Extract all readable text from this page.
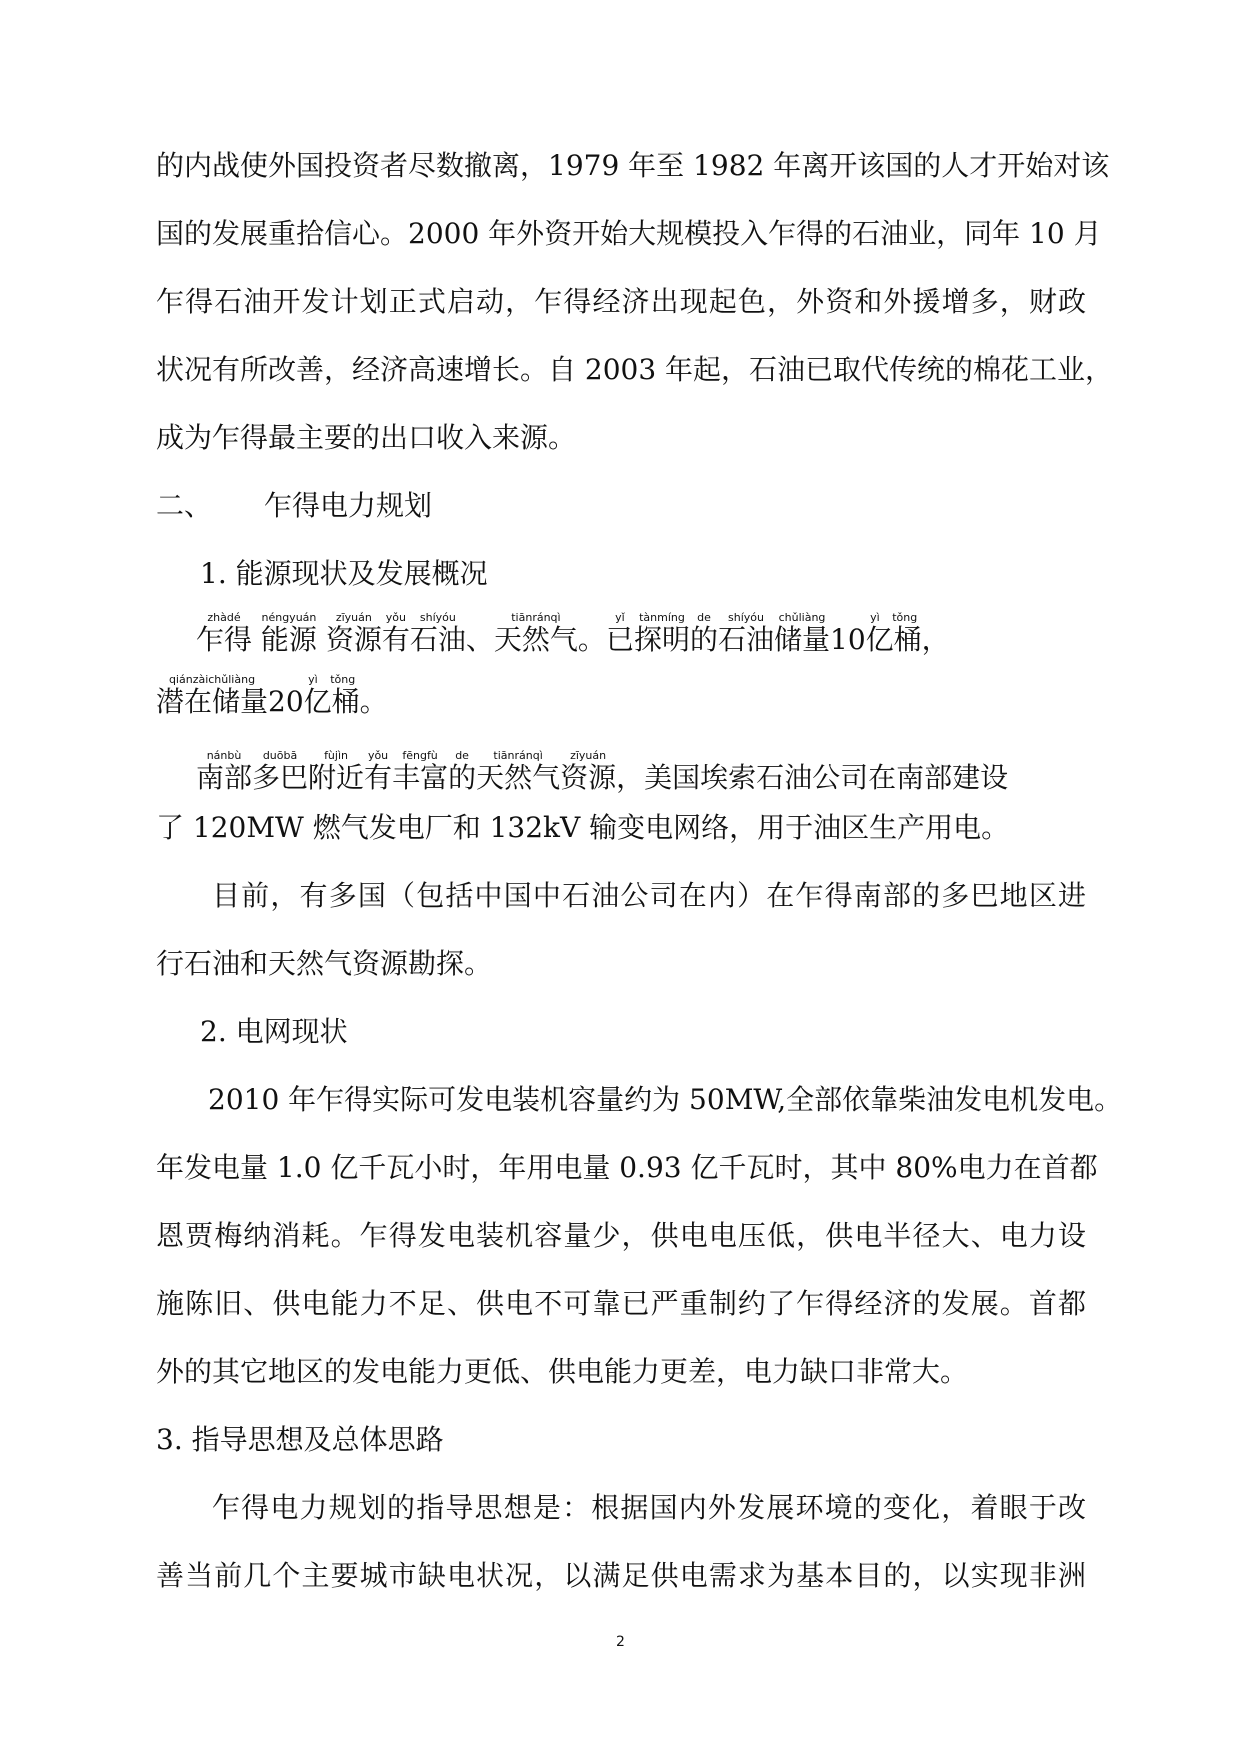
的内战使外国投资者尽数撤离，1979 年至 1982 年离开该国的人才开始对该
国的发展重拾信心。2000 年外资开始大规模投入乍得的石油业，同年 10 月
乍得石油开发计划正式启动，乍得经济出现起色，外资和外援增多，财政
状况有所改善，经济高速增长。自 2003 年起，石油已取代传统的棉花工业，
成为乍得最主要的出口收入来源。
二、 乍得电力规划
1. 能源现状及发展概况
乍得zhàdé 能源néngyuán 资源zīyuán有yǒu石油shíyóu、天然气tiānránqì。已yǐ探明tànmíng的de石油shíyóu储量chǔliàng10亿桶yì tǒng，
潜在储量qiánzàichǔliàng20亿桶yì tǒng。
南部nánbù多巴duōbā附近fùjìn有yǒu丰富fēngfù的de天然气tiānránqì资源zīyuán，美国埃索石油公司在南部建设
了 120MW 燃气发电厂和 132kV 输变电网络，用于油区生产用电。
目前，有多国（包括中国中石油公司在内）在乍得南部的多巴地区进
行石油和天然气资源勘探。
2. 电网现状
2010 年乍得实际可发电装机容量约为 50MW,全部依靠柴油发电机发电。
年发电量 1.0 亿千瓦小时，年用电量 0.93 亿千瓦时，其中 80%电力在首都
恩贾梅纳消耗。乍得发电装机容量少，供电电压低，供电半径大、电力设
施陈旧、供电能力不足、供电不可靠已严重制约了乍得经济的发展。首都
外的其它地区的发电能力更低、供电能力更差，电力缺口非常大。
3. 指导思想及总体思路
乍得电力规划的指导思想是：根据国内外发展环境的变化，着眼于改
善当前几个主要城市缺电状况，以满足供电需求为基本目的，以实现非洲
2
